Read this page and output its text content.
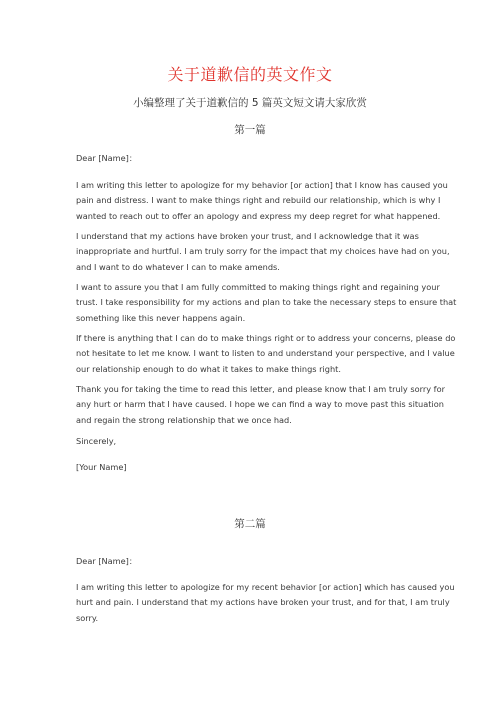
关于道歉信的英文作文
小编整理了关于道歉信的 5 篇英文短文请大家欣赏
第一篇

Dear [Name]：

I am writing this letter to apologize for my behavior [or action] that I know has caused you
pain and distress. I want to make things right and rebuild our relationship, which is why I
wanted to reach out to offer an apology and express my deep regret for what happened.

I understand that my actions have broken your trust, and I acknowledge that it was
inappropriate and hurtful. I am truly sorry for the impact that my choices have had on you,
and I want to do whatever I can to make amends.

I want to assure you that I am fully committed to making things right and regaining your
trust. I take responsibility for my actions and plan to take the necessary steps to ensure that
something like this never happens again.

If there is anything that I can do to make things right or to address your concerns, please do
not hesitate to let me know. I want to listen to and understand your perspective, and I value
our relationship enough to do what it takes to make things right.

Thank you for taking the time to read this letter, and please know that I am truly sorry for
any hurt or harm that I have caused. I hope we can find a way to move past this situation
and regain the strong relationship that we once had.

Sincerely,

[Your Name]

第二篇

Dear [Name]：

I am writing this letter to apologize for my recent behavior [or action] which has caused you
hurt and pain. I understand that my actions have broken your trust, and for that, I am truly
sorry.
